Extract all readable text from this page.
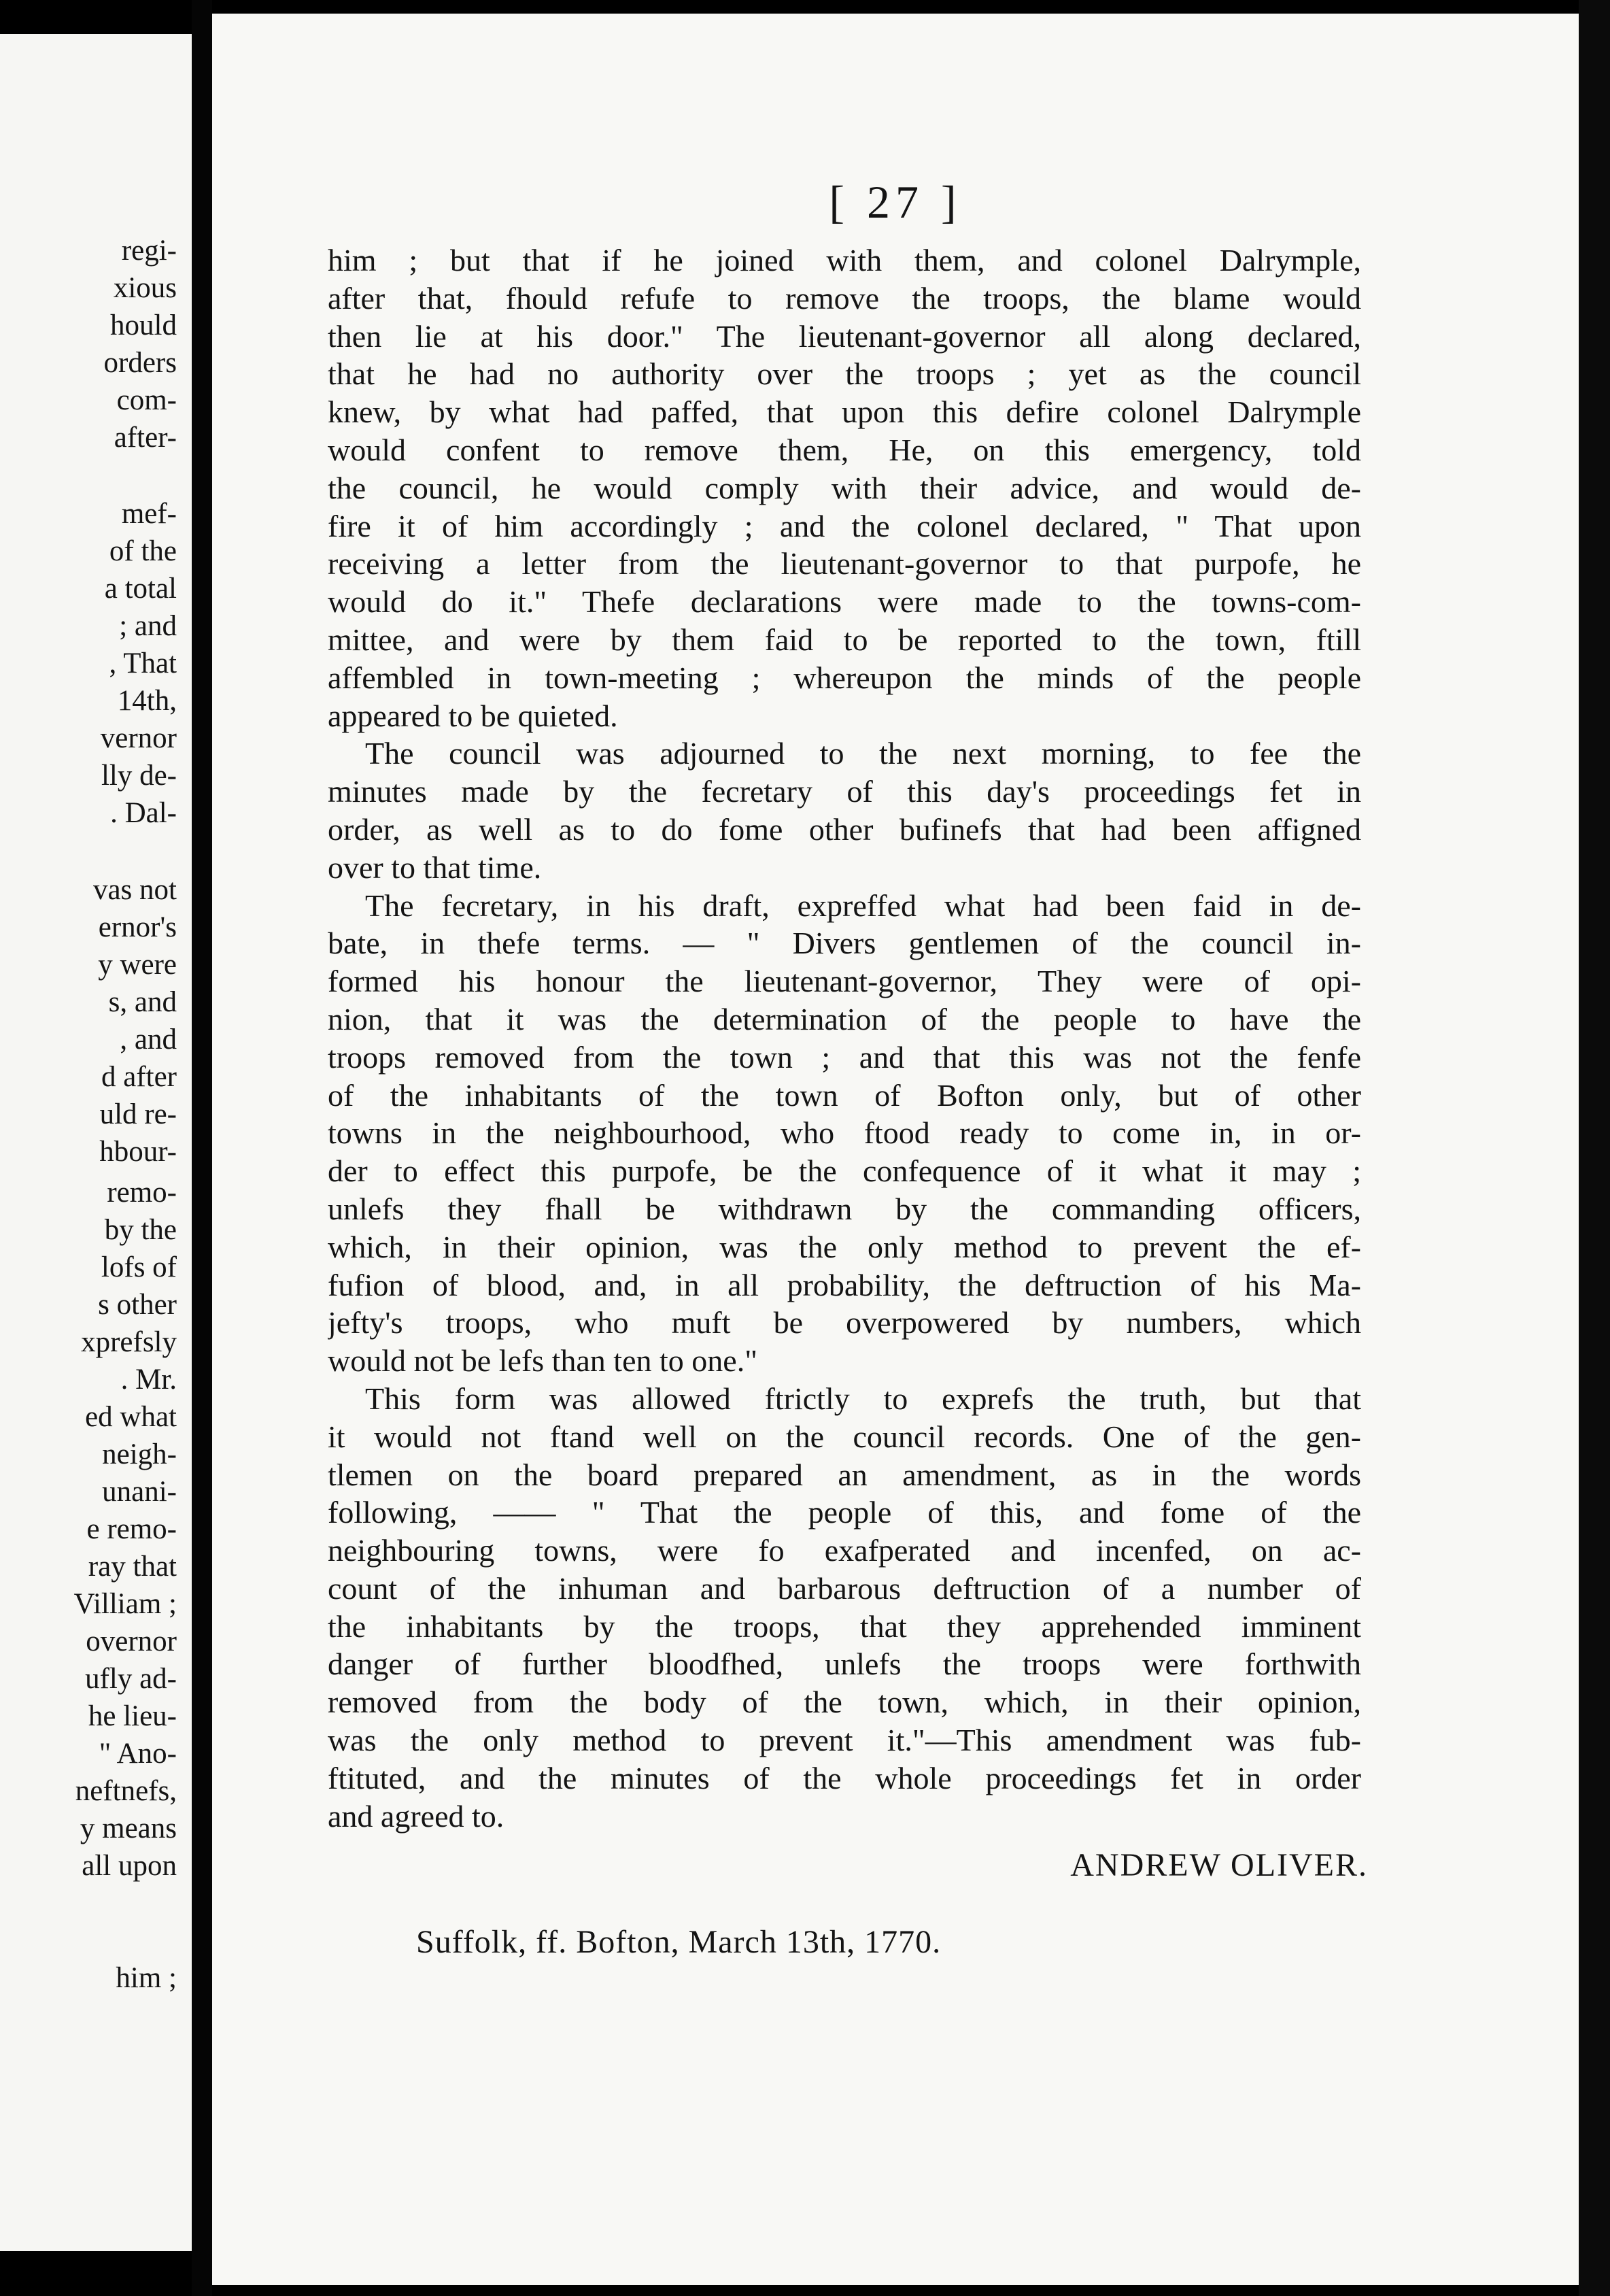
regi-
xious
hould
orders
com-
after-
mef-
of the
a total
; and
, That
14th,
vernor
lly de-
. Dal-
vas not
ernor's
y were
s, and
, and
d after
uld re-
hbour-
remo-
by the
lofs of
s other
xprefsly
. Mr.
ed what
neigh-
unani-
e remo-
ray that
Villiam ;
overnor
ufly ad-
he lieu-
" Ano-
neftnefs,
y means
all upon
him ;
[ 27 ]
him ; but that if he joined with them, and colonel Dalrymple,
after that, fhould refufe to remove the troops, the blame would
then lie at his door." The lieutenant-governor all along declared,
that he had no authority over the troops ; yet as the council
knew, by what had paffed, that upon this defire colonel Dalrymple
would confent to remove them, He, on this emergency, told
the council, he would comply with their advice, and would de-
fire it of him accordingly ; and the colonel declared, " That upon
receiving a letter from the lieutenant-governor to that purpofe, he
would do it." Thefe declarations were made to the towns-com-
mittee, and were by them faid to be reported to the town, ftill
affembled in town-meeting ; whereupon the minds of the people
appeared to be quieted.
The council was adjourned to the next morning, to fee the
minutes made by the fecretary of this day's proceedings fet in
order, as well as to do fome other bufinefs that had been affigned
over to that time.
The fecretary, in his draft, expreffed what had been faid in de-
bate, in thefe terms. — " Divers gentlemen of the council in-
formed his honour the lieutenant-governor, They were of opi-
nion, that it was the determination of the people to have the
troops removed from the town ; and that this was not the fenfe
of the inhabitants of the town of Bofton only, but of other
towns in the neighbourhood, who ftood ready to come in, in or-
der to effect this purpofe, be the confequence of it what it may ;
unlefs they fhall be withdrawn by the commanding officers,
which, in their opinion, was the only method to prevent the ef-
fufion of blood, and, in all probability, the deftruction of his Ma-
jefty's troops, who muft be overpowered by numbers, which
would not be lefs than ten to one."
This form was allowed ftrictly to exprefs the truth, but that
it would not ftand well on the council records. One of the gen-
tlemen on the board prepared an amendment, as in the words
following, —— " That the people of this, and fome of the
neighbouring towns, were fo exafperated and incenfed, on ac-
count of the inhuman and barbarous deftruction of a number of
the inhabitants by the troops, that they apprehended imminent
danger of further bloodfhed, unlefs the troops were forthwith
removed from the body of the town, which, in their opinion,
was the only method to prevent it."—This amendment was fub-
ftituted, and the minutes of the whole proceedings fet in order
and agreed to.
ANDREW OLIVER.
Suffolk, ff. Bofton, March 13th, 1770.
